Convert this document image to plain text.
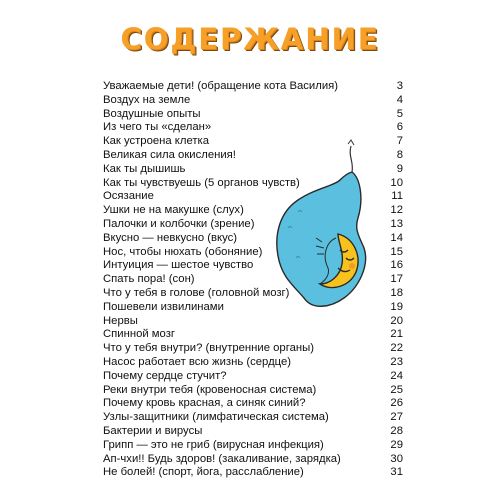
СОДЕРЖАНИЕ
Уважаемые дети! (обращение кота Василия)	3
Воздух на земле	4
Воздушные опыты	5
Из чего ты «сделан»	6
Как устроена клетка	7
Великая сила окисления!	8
Как ты дышишь	9
Как ты чувствуешь (5 органов чувств)	10
Осязание	11
Ушки не на макушке (слух)	12
Палочки и колбочки (зрение)	13
Вкусно — невкусно (вкус)	14
Нос, чтобы нюхать (обоняние)	15
Интуиция — шестое чувство	16
Спать пора! (сон)	17
Что у тебя в голове (головной мозг)	18
Пошевели извилинами	19
Нервы	20
Спинной мозг	21
Что у тебя внутри? (внутренние органы)	22
Насос работает всю жизнь (сердце)	23
Почему сердце стучит?	24
Реки внутри тебя (кровеносная система)	25
Почему кровь красная, а синяк синий?	26
Узлы-защитники (лимфатическая система)	27
Бактерии и вирусы	28
Грипп — это не гриб (вирусная инфекция)	29
Ап-чхи!! Будь здоров! (закаливание, зарядка)	30
Не болей! (спорт, йога, расслабление)	31
